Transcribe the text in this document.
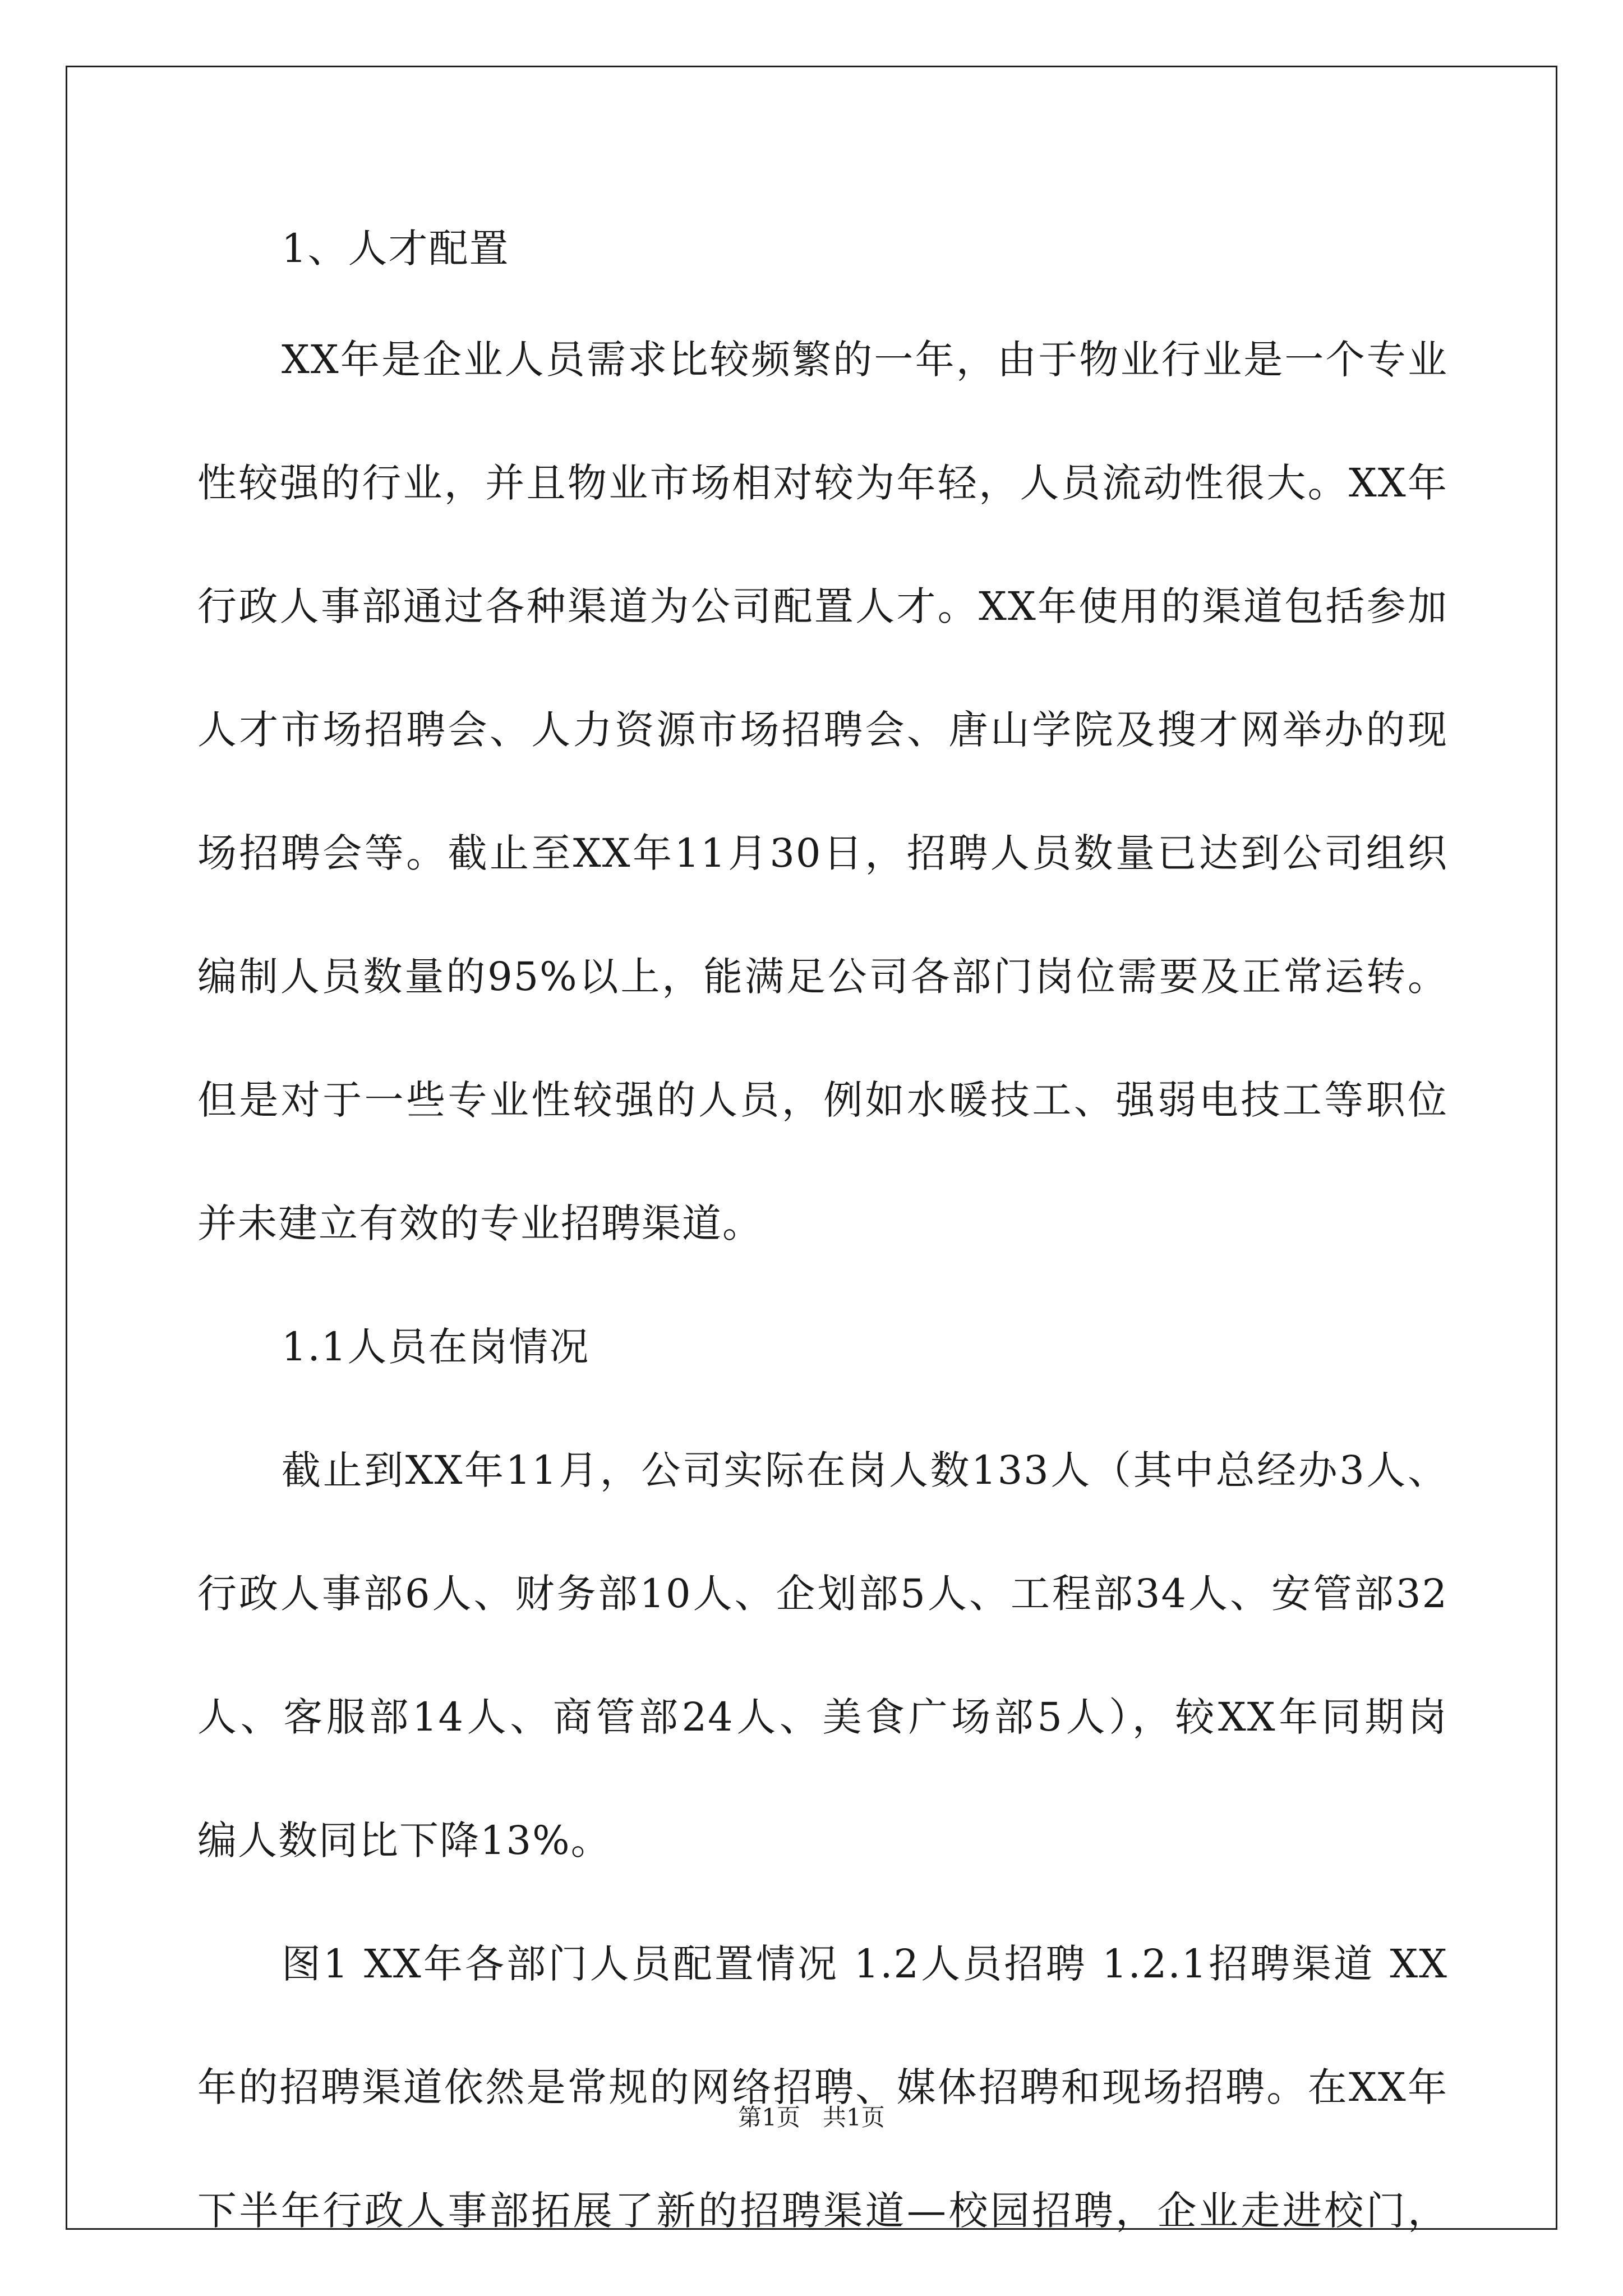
1、人才配置
XX年是企业人员需求比较频繁的一年，由于物业行业是一个专业
性较强的行业，并且物业市场相对较为年轻，人员流动性很大。XX年
行政人事部通过各种渠道为公司配置人才。XX年使用的渠道包括参加
人才市场招聘会、人力资源市场招聘会、唐山学院及搜才网举办的现
场招聘会等。截止至XX年11月30日，招聘人员数量已达到公司组织
编制人员数量的95%以上，能满足公司各部门岗位需要及正常运转。
但是对于一些专业性较强的人员，例如水暖技工、强弱电技工等职位
并未建立有效的专业招聘渠道。
1.1人员在岗情况
截止到XX年11月，公司实际在岗人数133人（其中总经办3人、
行政人事部6人、财务部10人、企划部5人、工程部34人、安管部32
人、客服部14人、商管部24人、美食广场部5人），较XX年同期岗
编人数同比下降13%。
图1 XX年各部门人员配置情况 1.2人员招聘 1.2.1招聘渠道 XX
年的招聘渠道依然是常规的网络招聘、媒体招聘和现场招聘。在XX年
下半年行政人事部拓展了新的招聘渠道—校园招聘，企业走进校门，
第1页   共1页
